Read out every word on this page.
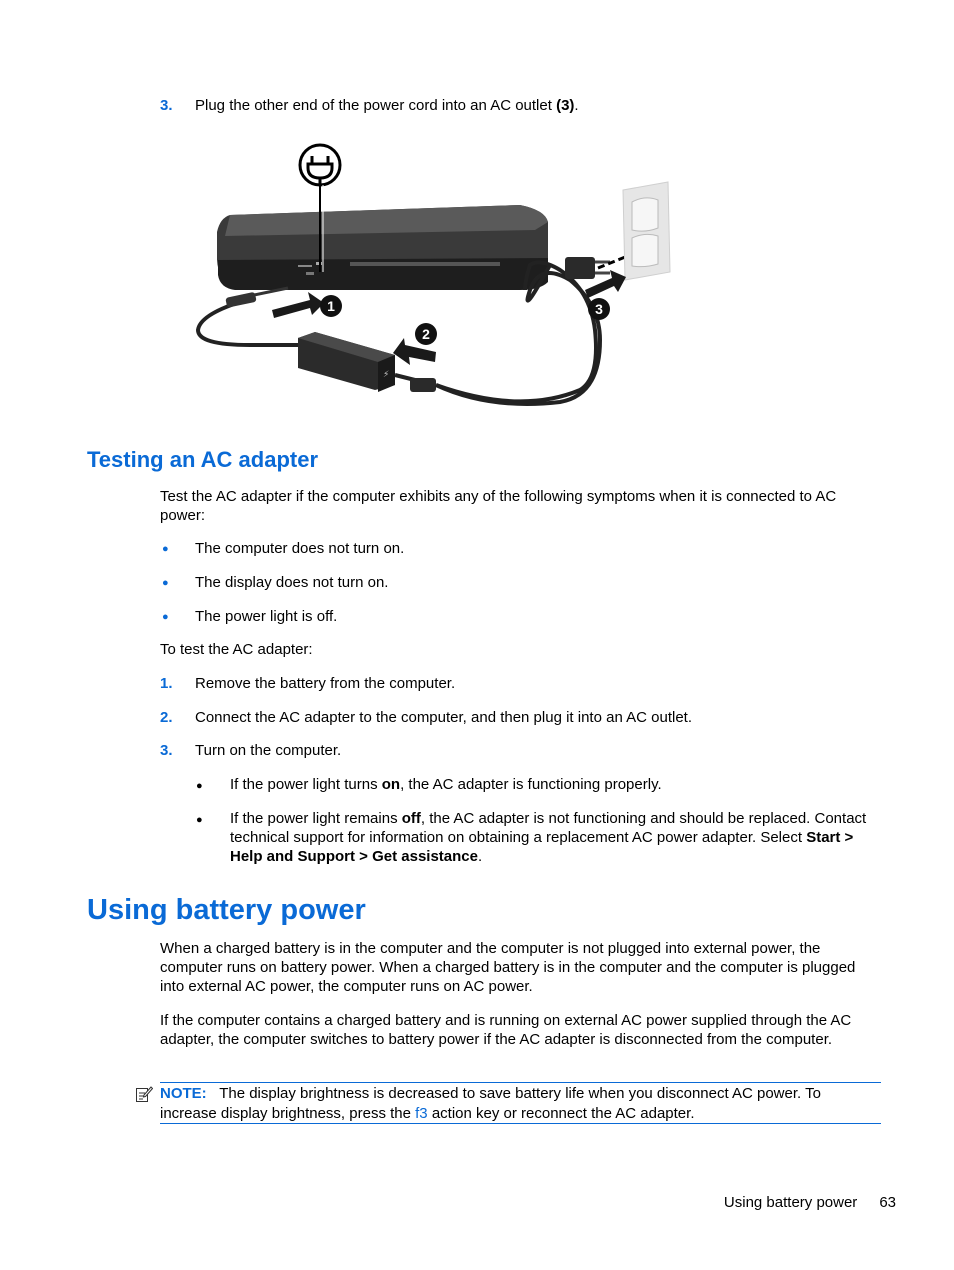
3. Plug the other end of the power cord into an AC outlet (3).
⚡
1
2
3
Testing an AC adapter
Test the AC adapter if the computer exhibits any of the following symptoms when it is connected to AC power:
● The computer does not turn on.
● The display does not turn on.
● The power light is off.
To test the AC adapter:
1. Remove the battery from the computer.
2. Connect the AC adapter to the computer, and then plug it into an AC outlet.
3. Turn on the computer.
● If the power light turns on, the AC adapter is functioning properly.
● If the power light remains off, the AC adapter is not functioning and should be replaced. Contact technical support for information on obtaining a replacement AC power adapter. Select Start > Help and Support > Get assistance.
Using battery power
When a charged battery is in the computer and the computer is not plugged into external power, the computer runs on battery power. When a charged battery is in the computer and the computer is plugged into external AC power, the computer runs on AC power.
If the computer contains a charged battery and is running on external AC power supplied through the AC adapter, the computer switches to battery power if the AC adapter is disconnected from the computer.
NOTE: The display brightness is decreased to save battery life when you disconnect AC power. To increase display brightness, press the f3 action key or reconnect the AC adapter.
Using battery power 63
